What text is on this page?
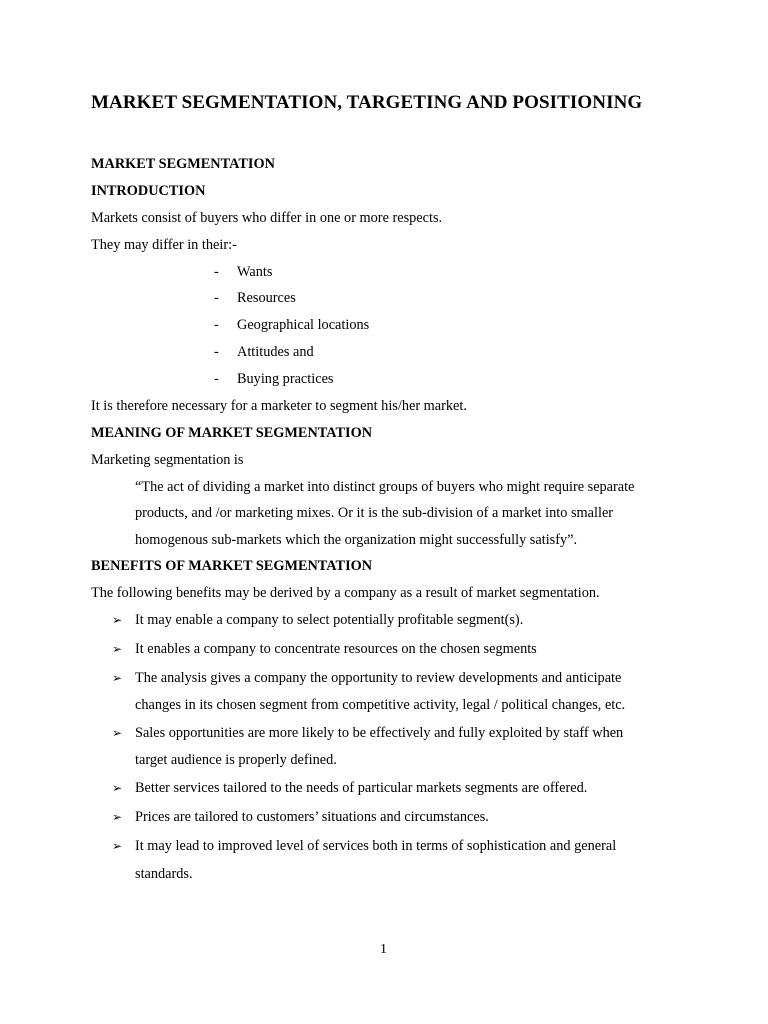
MARKET SEGMENTATION, TARGETING AND POSITIONING
MARKET SEGMENTATION
INTRODUCTION
Markets consist of buyers who differ in one or more respects.
They may differ in their:-
- Wants
- Resources
- Geographical locations
- Attitudes and
- Buying practices
It is therefore necessary for a marketer to segment his/her market.
MEANING OF MARKET SEGMENTATION
Marketing segmentation is
“The act of dividing a market into distinct groups of buyers who might require separate
products, and /or marketing mixes. Or it is the sub-division of a market into smaller
homogenous sub-markets which the organization might successfully satisfy”.
BENEFITS OF MARKET SEGMENTATION
The following benefits may be derived by a company as a result of market segmentation.
➢ It may enable a company to select potentially profitable segment(s).
➢ It enables a company to concentrate resources on the chosen segments
➢ The analysis gives a company the opportunity to review developments and anticipate
changes in its chosen segment from competitive activity, legal / political changes, etc.
➢ Sales opportunities are more likely to be effectively and fully exploited by staff when
target audience is properly defined.
➢ Better services tailored to the needs of particular markets segments are offered.
➢ Prices are tailored to customers’ situations and circumstances.
➢ It may lead to improved level of services both in terms of sophistication and general
standards.
1
